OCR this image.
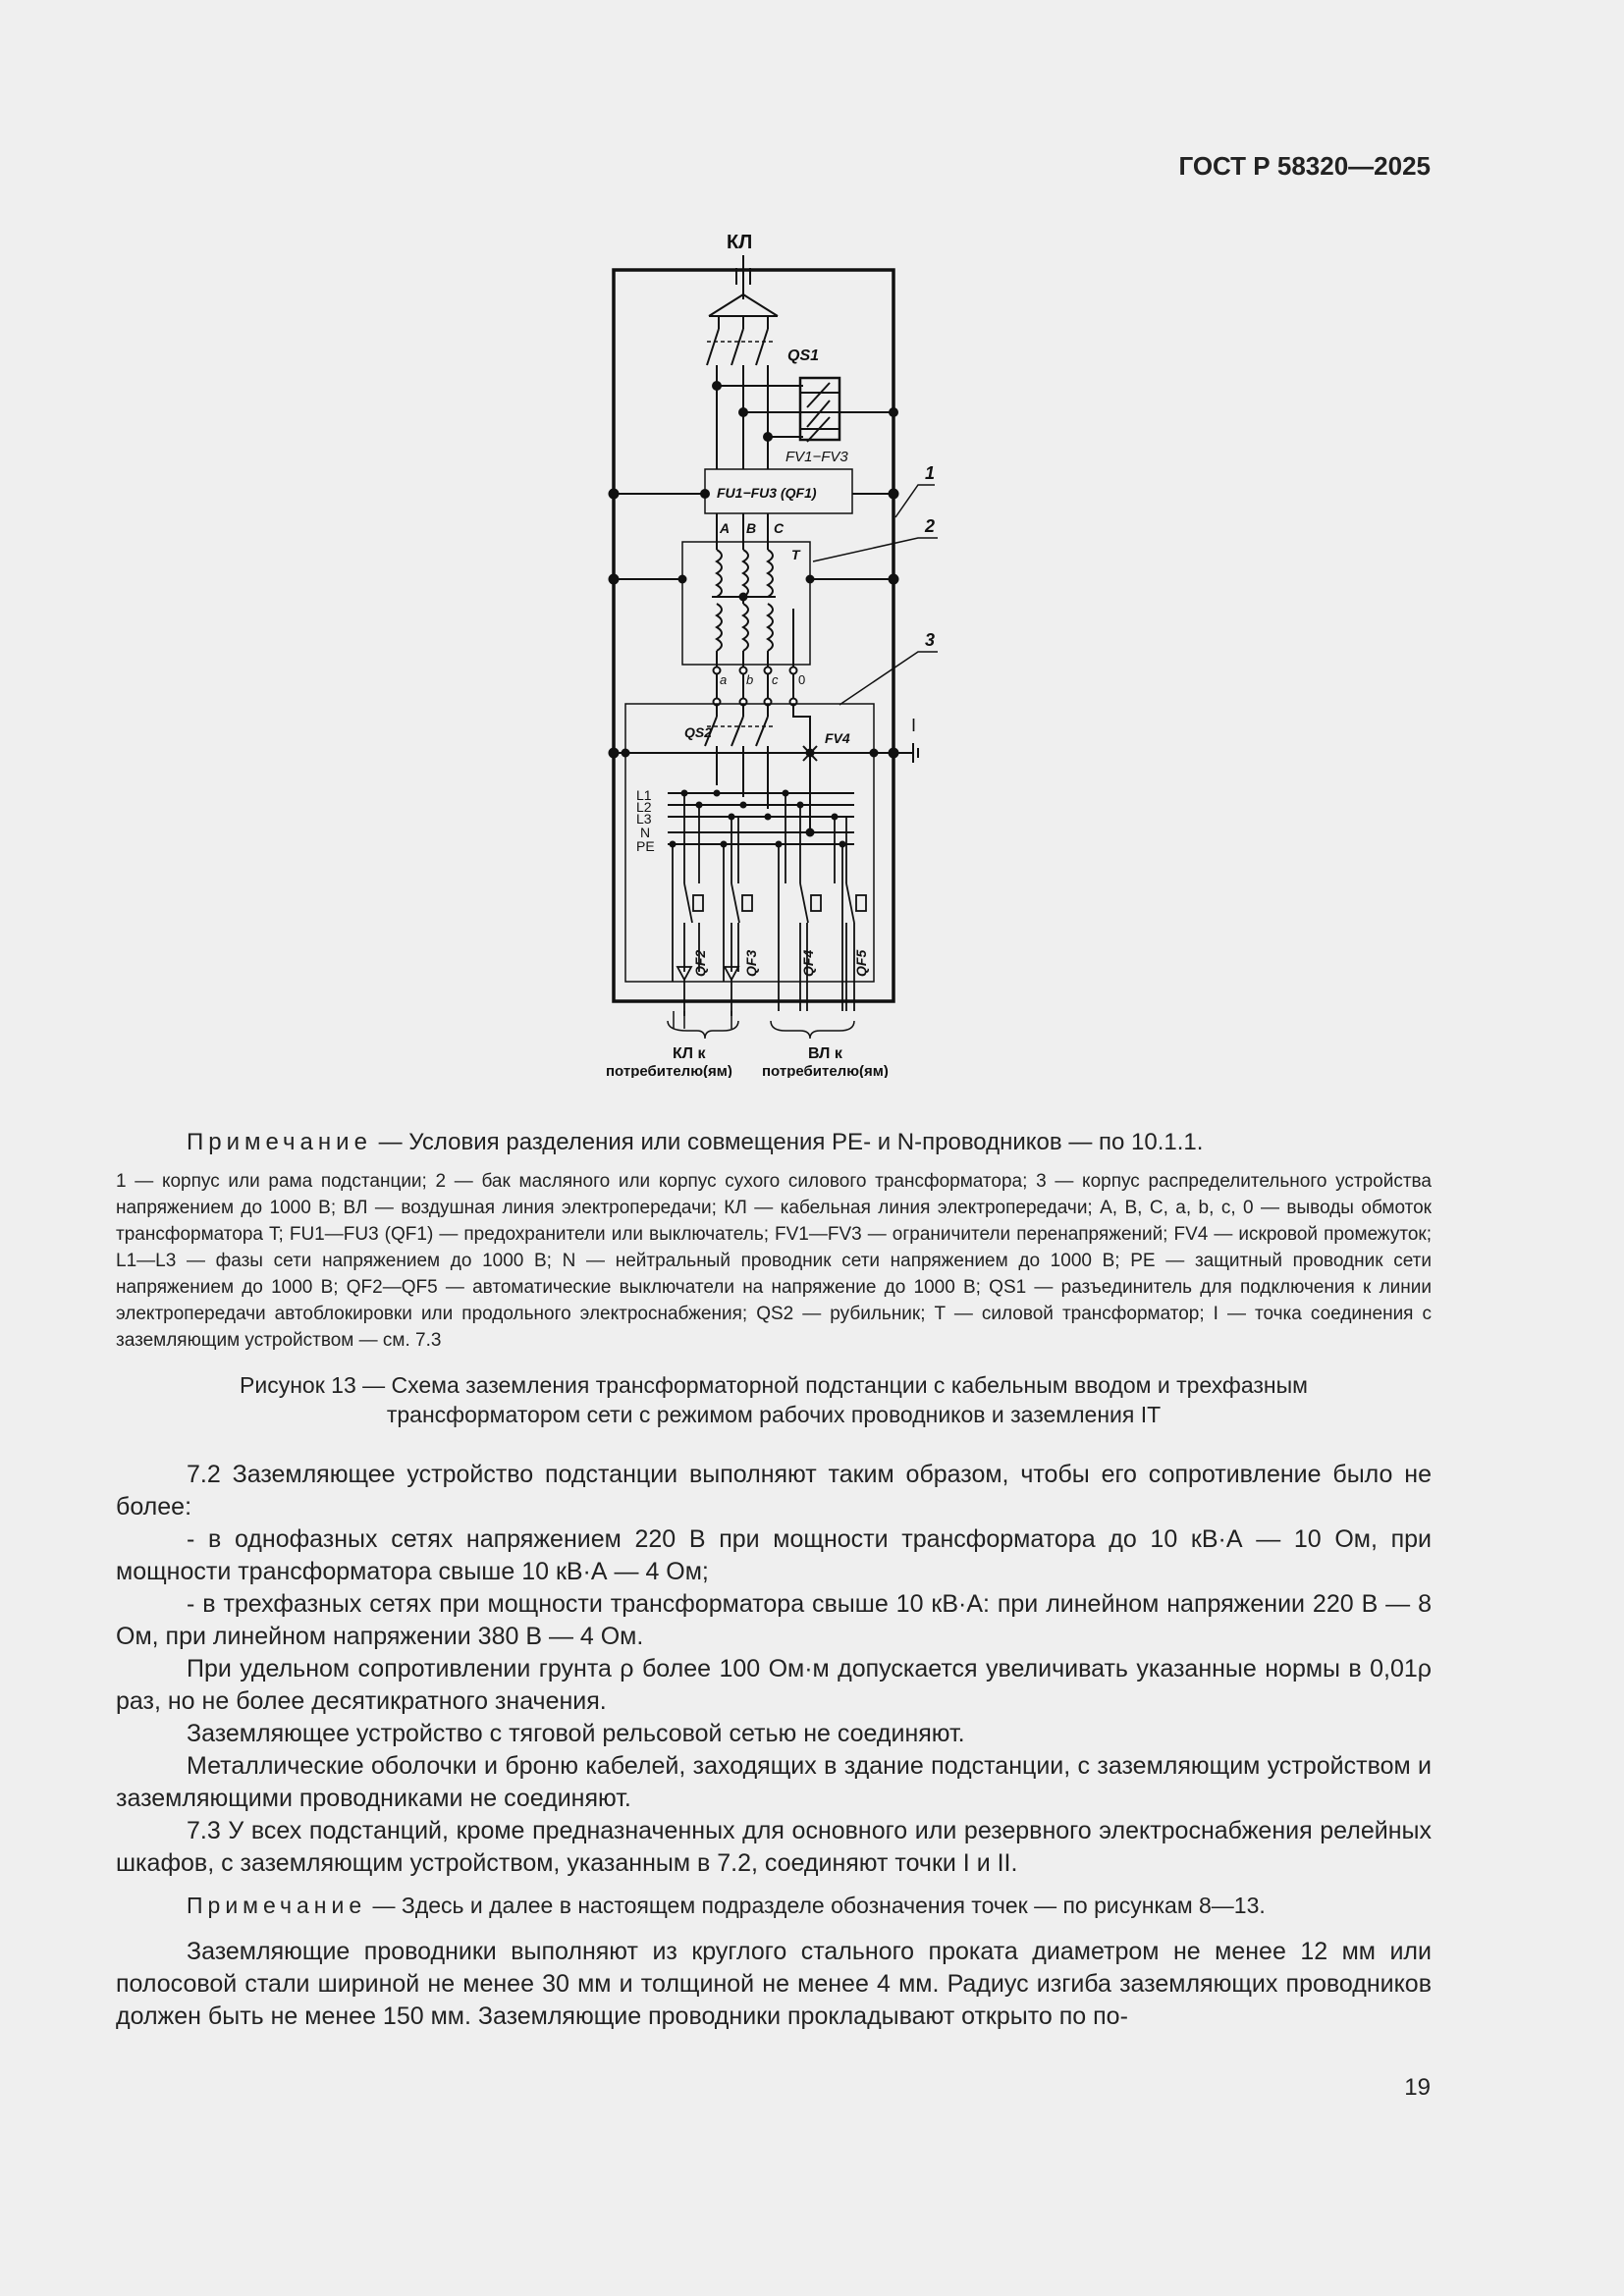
ГОСТ Р 58320—2025
КЛ
QS1
FV1−FV3
FU1−FU3 (QF1)
A B C
T
a b c 0
QS2	FV4
I
L1
L2
L3
N
PE
QF2	QF3	QF4	QF5
КЛ к
потребителю(ям)
ВЛ к
потребителю(ям)
1
2
3
Примечание — Условия разделения или совмещения PE- и N-проводников — по 10.1.1.
1 — корпус или рама подстанции; 2 — бак масляного или корпус сухого силового трансформатора; 3 — корпус распределительного устройства напряжением до 1000 В; ВЛ — воздушная линия электропередачи; КЛ — кабельная линия электропередачи; A, B, C, a, b, c, 0 — выводы обмоток трансформатора T; FU1—FU3 (QF1) — предохранители или выключатель; FV1—FV3 — ограничители перенапряжений; FV4 — искровой промежуток; L1—L3 — фазы сети напряжением до 1000 В; N — нейтральный проводник сети напряжением до 1000 В; PE — защитный проводник сети напряжением до 1000 В; QF2—QF5 — автоматические выключатели на напряжение до 1000 В; QS1 — разъединитель для подключения к линии электропередачи автоблокировки или продольного электроснабжения; QS2 — рубильник; T — силовой трансформатор; I — точка соединения с заземляющим устройством — см. 7.3
Рисунок 13 — Схема заземления трансформаторной подстанции с кабельным вводом и трехфазным
трансформатором сети с режимом рабочих проводников и заземления IT

7.2 Заземляющее устройство подстанции выполняют таким образом, чтобы его сопротивление было не более:

- в однофазных сетях напряжением 220 В при мощности трансформатора до 10 кВ·А — 10 Ом, при мощности трансформатора свыше 10 кВ·А — 4 Ом;

- в трехфазных сетях при мощности трансформатора свыше 10 кВ·А: при линейном напряжении 220 В — 8 Ом, при линейном напряжении 380 В — 4 Ом.

При удельном сопротивлении грунта ρ более 100 Ом·м допускается увеличивать указанные нормы в 0,01ρ раз, но не более десятикратного значения.

Заземляющее устройство с тяговой рельсовой сетью не соединяют.

Металлические оболочки и броню кабелей, заходящих в здание подстанции, с заземляющим устройством и заземляющими проводниками не соединяют.

7.3 У всех подстанций, кроме предназначенных для основного или резервного электроснабжения релейных шкафов, с заземляющим устройством, указанным в 7.2, соединяют точки I и II.

Примечание — Здесь и далее в настоящем подразделе обозначения точек — по рисункам 8—13.

Заземляющие проводники выполняют из круглого стального проката диаметром не менее 12 мм или полосовой стали шириной не менее 30 мм и толщиной не менее 4 мм. Радиус изгиба заземляющих проводников должен быть не менее 150 мм. Заземляющие проводники прокладывают открыто по по-

19
